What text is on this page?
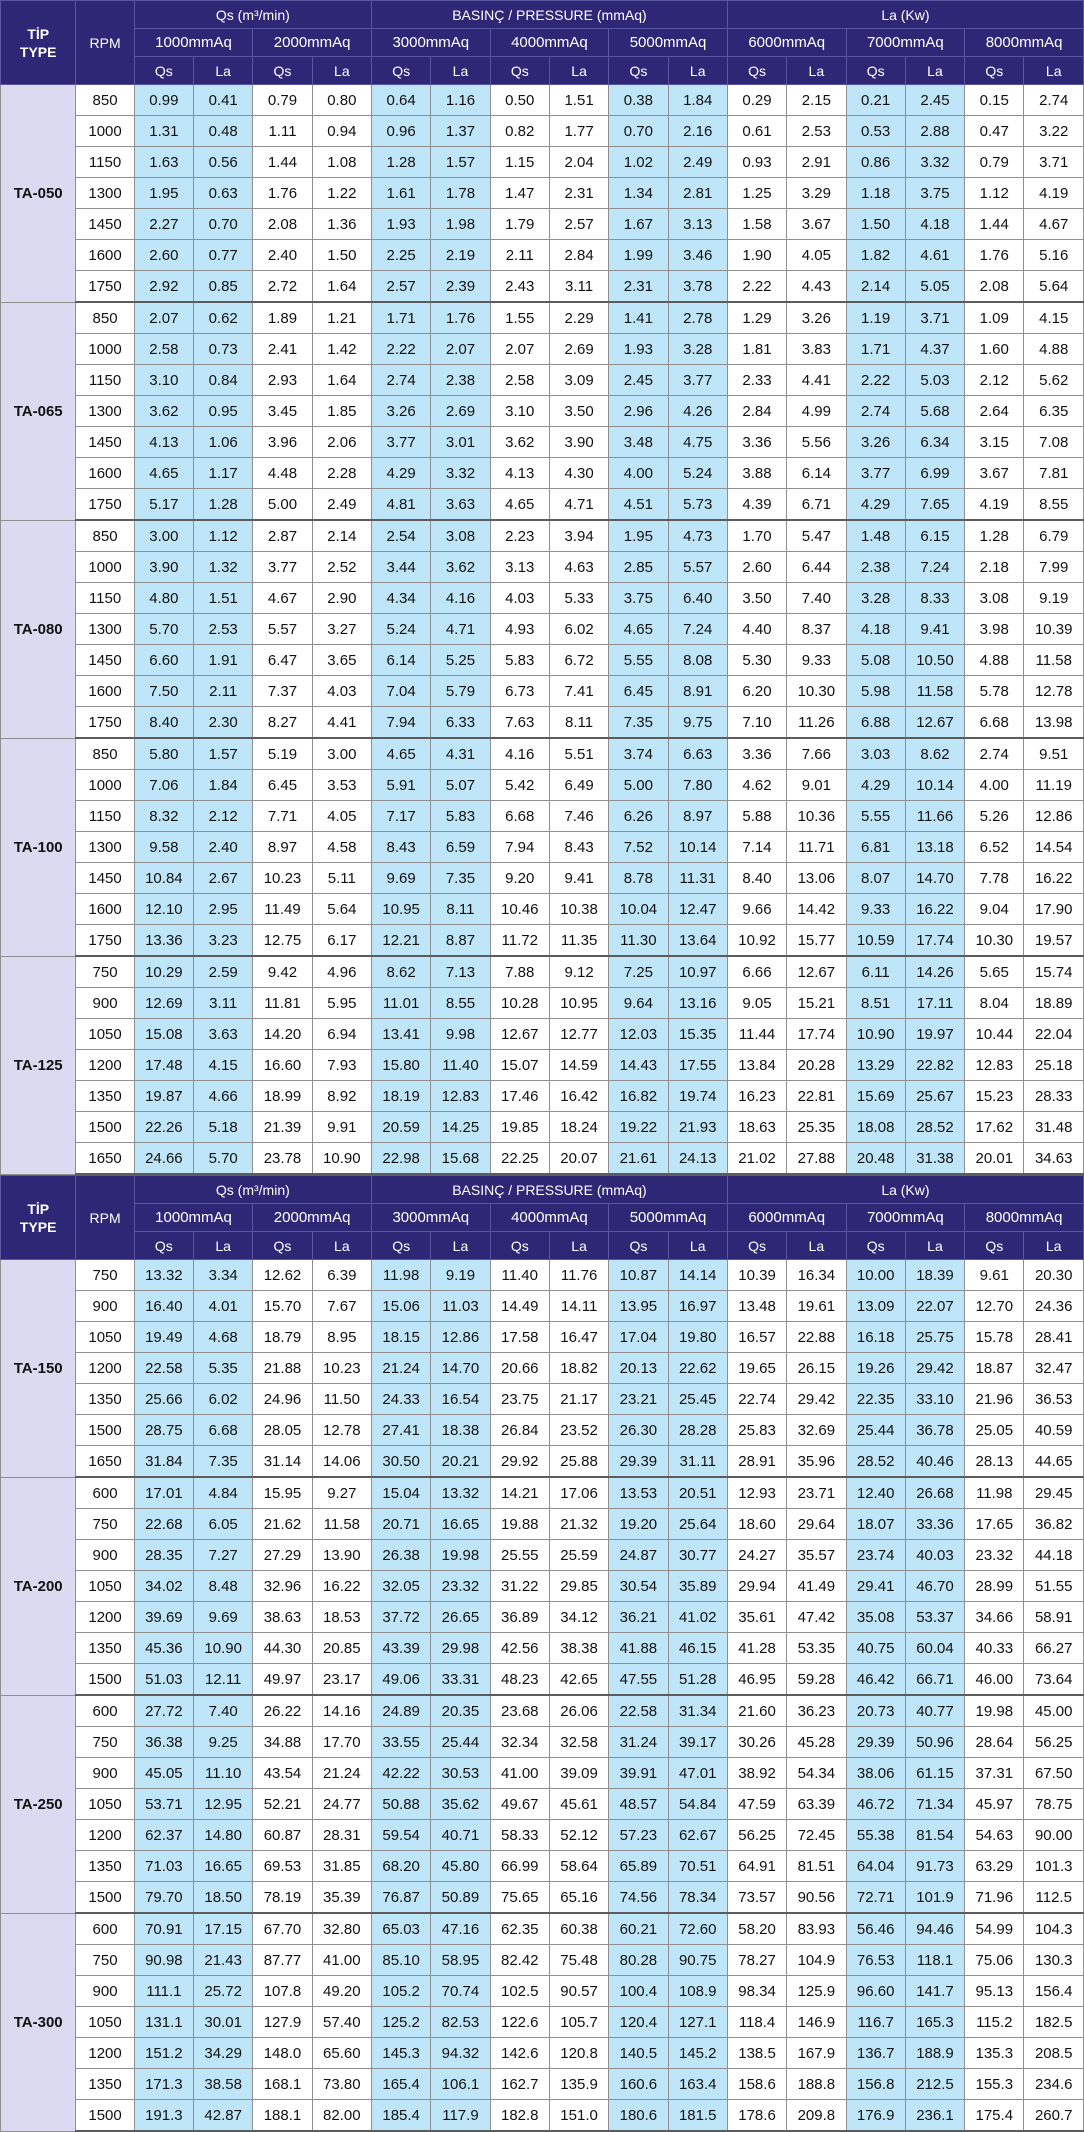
TİP
TYPE	RPM	Qs (m³/min)				BASINÇ / PRESSURE (mmAq)						La (Kw)					
		1000mmAq		2000mmAq		3000mmAq		4000mmAq		5000mmAq		6000mmAq		7000mmAq		8000mmAq	
		Qs	La	Qs	La	Qs	La	Qs	La	Qs	La	Qs	La	Qs	La	Qs	La
TA-050	850	0.99	0.41	0.79	0.80	0.64	1.16	0.50	1.51	0.38	1.84	0.29	2.15	0.21	2.45	0.15	2.74
	1000	1.31	0.48	1.11	0.94	0.96	1.37	0.82	1.77	0.70	2.16	0.61	2.53	0.53	2.88	0.47	3.22
	1150	1.63	0.56	1.44	1.08	1.28	1.57	1.15	2.04	1.02	2.49	0.93	2.91	0.86	3.32	0.79	3.71
	1300	1.95	0.63	1.76	1.22	1.61	1.78	1.47	2.31	1.34	2.81	1.25	3.29	1.18	3.75	1.12	4.19
	1450	2.27	0.70	2.08	1.36	1.93	1.98	1.79	2.57	1.67	3.13	1.58	3.67	1.50	4.18	1.44	4.67
	1600	2.60	0.77	2.40	1.50	2.25	2.19	2.11	2.84	1.99	3.46	1.90	4.05	1.82	4.61	1.76	5.16
	1750	2.92	0.85	2.72	1.64	2.57	2.39	2.43	3.11	2.31	3.78	2.22	4.43	2.14	5.05	2.08	5.64
TA-065	850	2.07	0.62	1.89	1.21	1.71	1.76	1.55	2.29	1.41	2.78	1.29	3.26	1.19	3.71	1.09	4.15
	1000	2.58	0.73	2.41	1.42	2.22	2.07	2.07	2.69	1.93	3.28	1.81	3.83	1.71	4.37	1.60	4.88
	1150	3.10	0.84	2.93	1.64	2.74	2.38	2.58	3.09	2.45	3.77	2.33	4.41	2.22	5.03	2.12	5.62
	1300	3.62	0.95	3.45	1.85	3.26	2.69	3.10	3.50	2.96	4.26	2.84	4.99	2.74	5.68	2.64	6.35
	1450	4.13	1.06	3.96	2.06	3.77	3.01	3.62	3.90	3.48	4.75	3.36	5.56	3.26	6.34	3.15	7.08
	1600	4.65	1.17	4.48	2.28	4.29	3.32	4.13	4.30	4.00	5.24	3.88	6.14	3.77	6.99	3.67	7.81
	1750	5.17	1.28	5.00	2.49	4.81	3.63	4.65	4.71	4.51	5.73	4.39	6.71	4.29	7.65	4.19	8.55
TA-080	850	3.00	1.12	2.87	2.14	2.54	3.08	2.23	3.94	1.95	4.73	1.70	5.47	1.48	6.15	1.28	6.79
	1000	3.90	1.32	3.77	2.52	3.44	3.62	3.13	4.63	2.85	5.57	2.60	6.44	2.38	7.24	2.18	7.99
	1150	4.80	1.51	4.67	2.90	4.34	4.16	4.03	5.33	3.75	6.40	3.50	7.40	3.28	8.33	3.08	9.19
	1300	5.70	2.53	5.57	3.27	5.24	4.71	4.93	6.02	4.65	7.24	4.40	8.37	4.18	9.41	3.98	10.39
	1450	6.60	1.91	6.47	3.65	6.14	5.25	5.83	6.72	5.55	8.08	5.30	9.33	5.08	10.50	4.88	11.58
	1600	7.50	2.11	7.37	4.03	7.04	5.79	6.73	7.41	6.45	8.91	6.20	10.30	5.98	11.58	5.78	12.78
	1750	8.40	2.30	8.27	4.41	7.94	6.33	7.63	8.11	7.35	9.75	7.10	11.26	6.88	12.67	6.68	13.98
TA-100	850	5.80	1.57	5.19	3.00	4.65	4.31	4.16	5.51	3.74	6.63	3.36	7.66	3.03	8.62	2.74	9.51
	1000	7.06	1.84	6.45	3.53	5.91	5.07	5.42	6.49	5.00	7.80	4.62	9.01	4.29	10.14	4.00	11.19
	1150	8.32	2.12	7.71	4.05	7.17	5.83	6.68	7.46	6.26	8.97	5.88	10.36	5.55	11.66	5.26	12.86
	1300	9.58	2.40	8.97	4.58	8.43	6.59	7.94	8.43	7.52	10.14	7.14	11.71	6.81	13.18	6.52	14.54
	1450	10.84	2.67	10.23	5.11	9.69	7.35	9.20	9.41	8.78	11.31	8.40	13.06	8.07	14.70	7.78	16.22
	1600	12.10	2.95	11.49	5.64	10.95	8.11	10.46	10.38	10.04	12.47	9.66	14.42	9.33	16.22	9.04	17.90
	1750	13.36	3.23	12.75	6.17	12.21	8.87	11.72	11.35	11.30	13.64	10.92	15.77	10.59	17.74	10.30	19.57
TA-125	750	10.29	2.59	9.42	4.96	8.62	7.13	7.88	9.12	7.25	10.97	6.66	12.67	6.11	14.26	5.65	15.74
	900	12.69	3.11	11.81	5.95	11.01	8.55	10.28	10.95	9.64	13.16	9.05	15.21	8.51	17.11	8.04	18.89
	1050	15.08	3.63	14.20	6.94	13.41	9.98	12.67	12.77	12.03	15.35	11.44	17.74	10.90	19.97	10.44	22.04
	1200	17.48	4.15	16.60	7.93	15.80	11.40	15.07	14.59	14.43	17.55	13.84	20.28	13.29	22.82	12.83	25.18
	1350	19.87	4.66	18.99	8.92	18.19	12.83	17.46	16.42	16.82	19.74	16.23	22.81	15.69	25.67	15.23	28.33
	1500	22.26	5.18	21.39	9.91	20.59	14.25	19.85	18.24	19.22	21.93	18.63	25.35	18.08	28.52	17.62	31.48
	1650	24.66	5.70	23.78	10.90	22.98	15.68	22.25	20.07	21.61	24.13	21.02	27.88	20.48	31.38	20.01	34.63
TİP
TYPE	RPM	Qs (m³/min)				BASINÇ / PRESSURE (mmAq)						La (Kw)					
		1000mmAq		2000mmAq		3000mmAq		4000mmAq		5000mmAq		6000mmAq		7000mmAq		8000mmAq	
		Qs	La	Qs	La	Qs	La	Qs	La	Qs	La	Qs	La	Qs	La	Qs	La
TA-150	750	13.32	3.34	12.62	6.39	11.98	9.19	11.40	11.76	10.87	14.14	10.39	16.34	10.00	18.39	9.61	20.30
	900	16.40	4.01	15.70	7.67	15.06	11.03	14.49	14.11	13.95	16.97	13.48	19.61	13.09	22.07	12.70	24.36
	1050	19.49	4.68	18.79	8.95	18.15	12.86	17.58	16.47	17.04	19.80	16.57	22.88	16.18	25.75	15.78	28.41
	1200	22.58	5.35	21.88	10.23	21.24	14.70	20.66	18.82	20.13	22.62	19.65	26.15	19.26	29.42	18.87	32.47
	1350	25.66	6.02	24.96	11.50	24.33	16.54	23.75	21.17	23.21	25.45	22.74	29.42	22.35	33.10	21.96	36.53
	1500	28.75	6.68	28.05	12.78	27.41	18.38	26.84	23.52	26.30	28.28	25.83	32.69	25.44	36.78	25.05	40.59
	1650	31.84	7.35	31.14	14.06	30.50	20.21	29.92	25.88	29.39	31.11	28.91	35.96	28.52	40.46	28.13	44.65
TA-200	600	17.01	4.84	15.95	9.27	15.04	13.32	14.21	17.06	13.53	20.51	12.93	23.71	12.40	26.68	11.98	29.45
	750	22.68	6.05	21.62	11.58	20.71	16.65	19.88	21.32	19.20	25.64	18.60	29.64	18.07	33.36	17.65	36.82
	900	28.35	7.27	27.29	13.90	26.38	19.98	25.55	25.59	24.87	30.77	24.27	35.57	23.74	40.03	23.32	44.18
	1050	34.02	8.48	32.96	16.22	32.05	23.32	31.22	29.85	30.54	35.89	29.94	41.49	29.41	46.70	28.99	51.55
	1200	39.69	9.69	38.63	18.53	37.72	26.65	36.89	34.12	36.21	41.02	35.61	47.42	35.08	53.37	34.66	58.91
	1350	45.36	10.90	44.30	20.85	43.39	29.98	42.56	38.38	41.88	46.15	41.28	53.35	40.75	60.04	40.33	66.27
	1500	51.03	12.11	49.97	23.17	49.06	33.31	48.23	42.65	47.55	51.28	46.95	59.28	46.42	66.71	46.00	73.64
TA-250	600	27.72	7.40	26.22	14.16	24.89	20.35	23.68	26.06	22.58	31.34	21.60	36.23	20.73	40.77	19.98	45.00
	750	36.38	9.25	34.88	17.70	33.55	25.44	32.34	32.58	31.24	39.17	30.26	45.28	29.39	50.96	28.64	56.25
	900	45.05	11.10	43.54	21.24	42.22	30.53	41.00	39.09	39.91	47.01	38.92	54.34	38.06	61.15	37.31	67.50
	1050	53.71	12.95	52.21	24.77	50.88	35.62	49.67	45.61	48.57	54.84	47.59	63.39	46.72	71.34	45.97	78.75
	1200	62.37	14.80	60.87	28.31	59.54	40.71	58.33	52.12	57.23	62.67	56.25	72.45	55.38	81.54	54.63	90.00
	1350	71.03	16.65	69.53	31.85	68.20	45.80	66.99	58.64	65.89	70.51	64.91	81.51	64.04	91.73	63.29	101.3
	1500	79.70	18.50	78.19	35.39	76.87	50.89	75.65	65.16	74.56	78.34	73.57	90.56	72.71	101.9	71.96	112.5
TA-300	600	70.91	17.15	67.70	32.80	65.03	47.16	62.35	60.38	60.21	72.60	58.20	83.93	56.46	94.46	54.99	104.3
	750	90.98	21.43	87.77	41.00	85.10	58.95	82.42	75.48	80.28	90.75	78.27	104.9	76.53	118.1	75.06	130.3
	900	111.1	25.72	107.8	49.20	105.2	70.74	102.5	90.57	100.4	108.9	98.34	125.9	96.60	141.7	95.13	156.4
	1050	131.1	30.01	127.9	57.40	125.2	82.53	122.6	105.7	120.4	127.1	118.4	146.9	116.7	165.3	115.2	182.5
	1200	151.2	34.29	148.0	65.60	145.3	94.32	142.6	120.8	140.5	145.2	138.5	167.9	136.7	188.9	135.3	208.5
	1350	171.3	38.58	168.1	73.80	165.4	106.1	162.7	135.9	160.6	163.4	158.6	188.8	156.8	212.5	155.3	234.6
	1500	191.3	42.87	188.1	82.00	185.4	117.9	182.8	151.0	180.6	181.5	178.6	209.8	176.9	236.1	175.4	260.7
